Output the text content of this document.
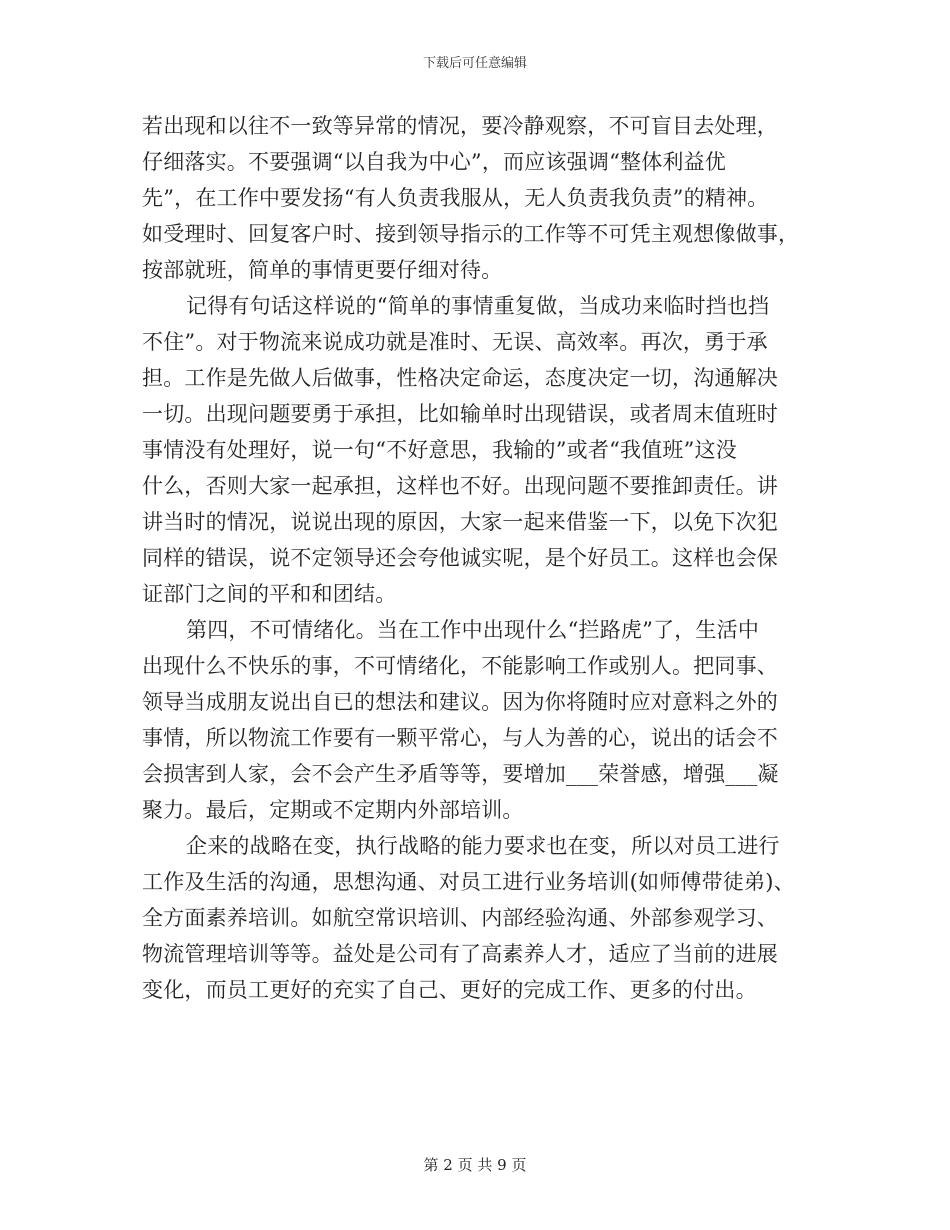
下载后可任意编辑
若出现和以往不一致等异常的情况，要冷静观察，不可盲目去处理，
仔细落实。不要强调“以自我为中心”，而应该强调“整体利益优
先”，在工作中要发扬“有人负责我服从，无人负责我负责”的精神。
如受理时、回复客户时、接到领导指示的工作等不可凭主观想像做事，
按部就班，简单的事情更要仔细对待。
记得有句话这样说的“简单的事情重复做，当成功来临时挡也挡
不住”。对于物流来说成功就是准时、无误、高效率。再次，勇于承
担。工作是先做人后做事，性格决定命运，态度决定一切，沟通解决
一切。出现问题要勇于承担，比如输单时出现错误，或者周末值班时
事情没有处理好，说一句“不好意思，我输的”或者“我值班”这没
什么，否则大家一起承担，这样也不好。出现问题不要推卸责任。讲
讲当时的情况，说说出现的原因，大家一起来借鉴一下，以免下次犯
同样的错误，说不定领导还会夸他诚实呢，是个好员工。这样也会保
证部门之间的平和和团结。
第四，不可情绪化。当在工作中出现什么“拦路虎”了，生活中
出现什么不快乐的事，不可情绪化，不能影响工作或别人。把同事、
领导当成朋友说出自已的想法和建议。因为你将随时应对意料之外的
事情，所以物流工作要有一颗平常心，与人为善的心，说出的话会不
会损害到人家，会不会产生矛盾等等，要增加___荣誉感，增强___凝
聚力。最后，定期或不定期内外部培训。
企来的战略在变，执行战略的能力要求也在变，所以对员工进行
工作及生活的沟通，思想沟通、对员工进行业务培训(如师傅带徒弟)、
全方面素养培训。如航空常识培训、内部经验沟通、外部参观学习、
物流管理培训等等。益处是公司有了高素养人才，适应了当前的进展
变化，而员工更好的充实了自己、更好的完成工作、更多的付出。
第 2 页 共 9 页
